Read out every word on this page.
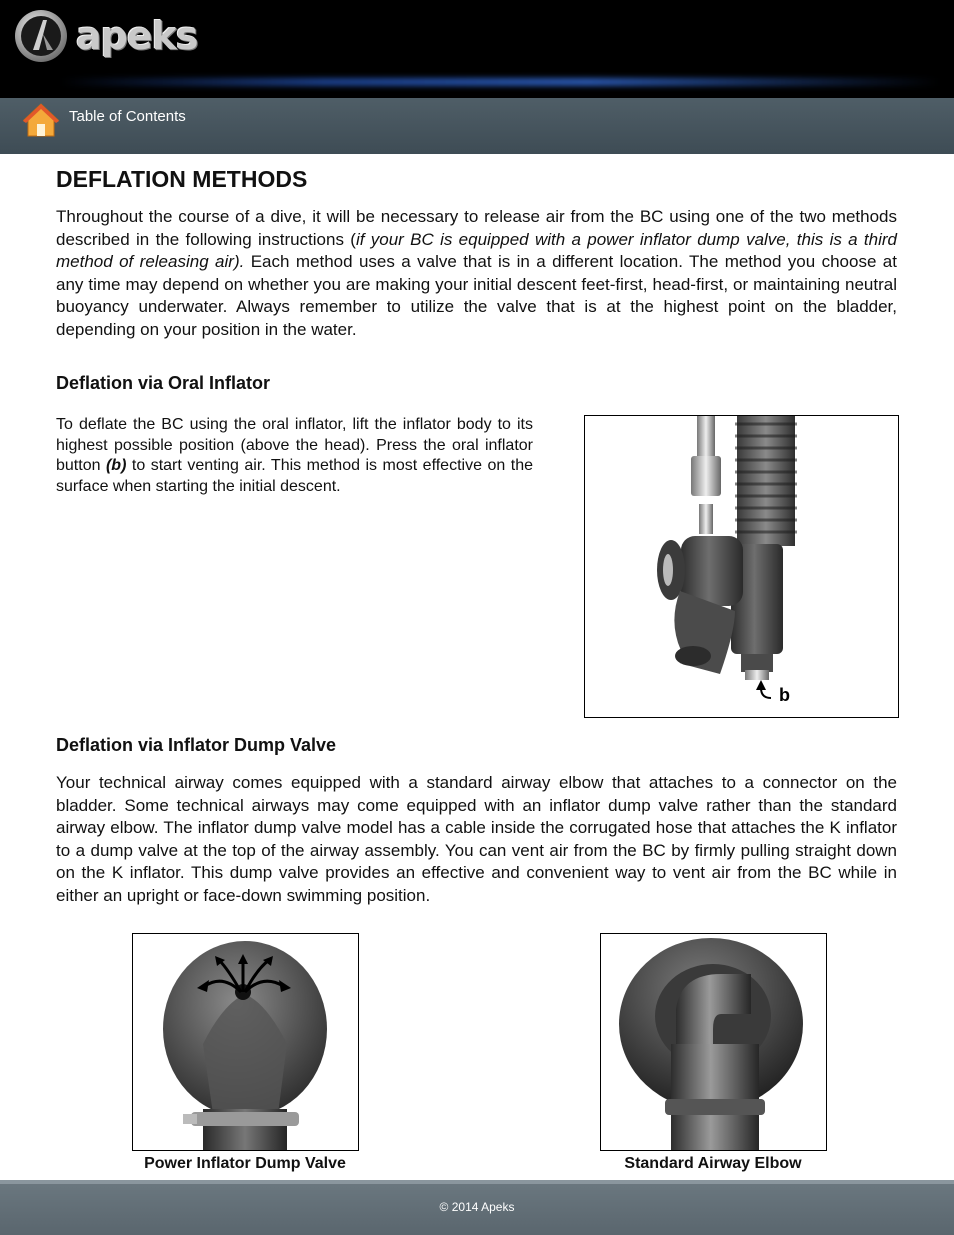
apeks
Table of Contents
DEFLATION METHODS

Throughout the course of a dive, it will be necessary to release air from the BC using one of the two methods described in the following instructions (if your BC is equipped with a power inflator dump valve, this is a third method of releasing air). Each method uses a valve that is in a different location. The method you choose at any time may depend on whether you are making your initial descent feet-first, head-first, or maintaining neutral buoyancy underwater. Always remember to utilize the valve that is at the highest point on the bladder, depending on your position in the water.

Deflation via Oral Inflator

To deflate the BC using the oral inflator, lift the inflator body to its highest possible position (above the head). Press the oral inflator button (b) to start venting air. This method is most effective on the surface when starting the initial descent.

b
Deflation via Inflator Dump Valve

Your technical airway comes equipped with a standard airway elbow that attaches to a connector on the bladder. Some technical airways may come equipped with an inflator dump valve rather than the standard airway elbow. The inflator dump valve model has a cable inside the corrugated hose that attaches the K inflator to a dump valve at the top of the airway assembly. You can vent air from the BC by firmly pulling straight down on the K inflator. This dump valve provides an effective and convenient way to vent air from the BC while in either an upright or face-down swimming position.

Power Inflator Dump Valve	Standard Airway Elbow
© 2014 Apeks
